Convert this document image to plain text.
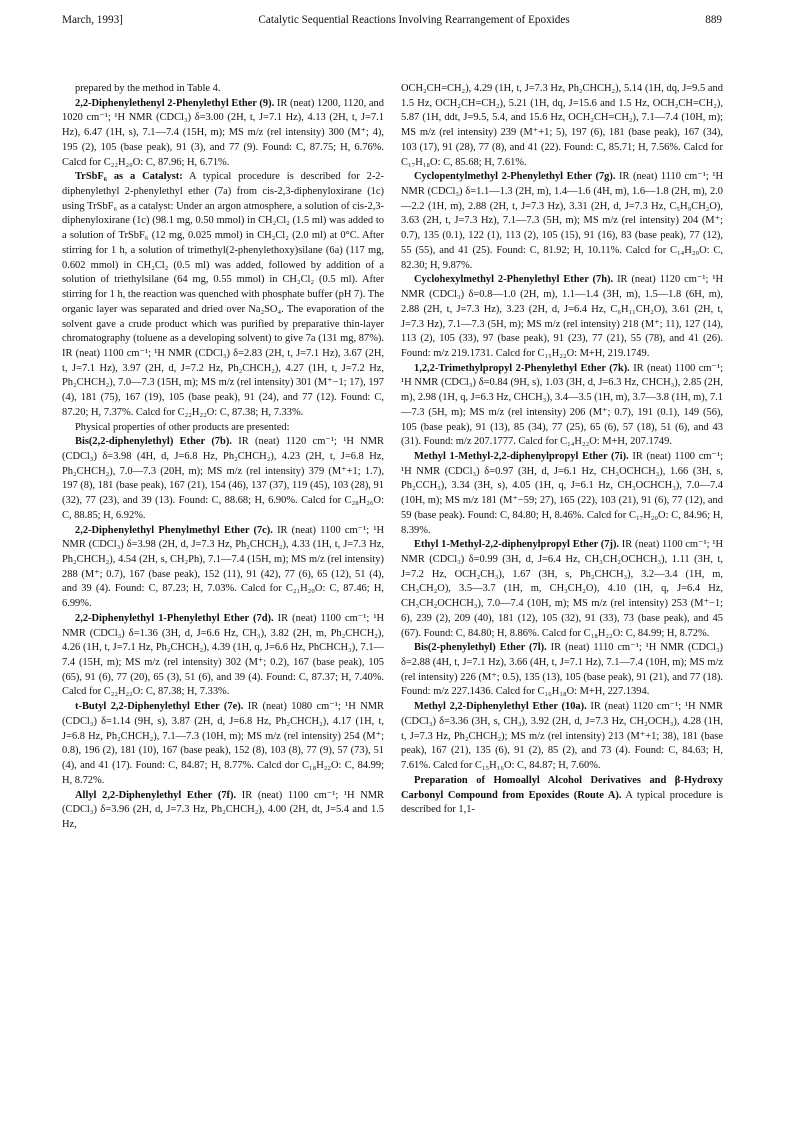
March, 1993]	Catalytic Sequential Reactions Involving Rearrangement of Epoxides	889

prepared by the method in Table 4.

2,2-Diphenylethenyl 2-Phenylethyl Ether (9). IR (neat) 1200, 1120, and 1020 cm⁻¹; ¹H NMR (CDCl₃) δ=3.00 (2H, t, J=7.1 Hz), 4.13 (2H, t, J=7.1 Hz), 6.47 (1H, s), 7.1—7.4 (15H, m); MS m/z (rel intensity) 300 (M⁺; 4), 195 (2), 105 (base peak), 91 (3), and 77 (9). Found: C, 87.75; H, 6.76%. Calcd for C₂₂H₂₀O: C, 87.96; H, 6.71%.

TrSbF₆ as a Catalyst: A typical procedure is described for 2-2-diphenylethyl 2-phenylethyl ether (7a) from cis-2,3-diphenyloxirane (1c) using TrSbF₆ as a catalyst: Under an argon atmosphere, a solution of cis-2,3-diphenyloxirane (1c) (98.1 mg, 0.50 mmol) in CH₂Cl₂ (1.5 ml) was added to a solution of TrSbF₆ (12 mg, 0.025 mmol) in CH₂Cl₂ (2.0 ml) at 0°C. After stirring for 1 h, a solution of trimethyl(2-phenylethoxy)silane (6a) (117 mg, 0.602 mmol) in CH₂Cl₂ (0.5 ml) was added, followed by addition of a solution of triethylsilane (64 mg, 0.55 mmol) in CH₂Cl₂ (0.5 ml). After stirring for 1 h, the reaction was quenched with phosphate buffer (pH 7). The organic layer was separated and dried over Na₂SO₄. The evaporation of the solvent gave a crude product which was purified by preparative thin-layer chromatography (toluene as a developing solvent) to give 7a (131 mg, 87%). IR (neat) 1100 cm⁻¹; ¹H NMR (CDCl₃) δ=2.83 (2H, t, J=7.1 Hz), 3.67 (2H, t, J=7.1 Hz), 3.97 (2H, d, J=7.2 Hz, Ph₂CHCH₂), 4.27 (1H, t, J=7.2 Hz, Ph₂CHCH₂), 7.0—7.3 (15H, m); MS m/z (rel intensity) 301 (M⁺−1; 17), 197 (4), 181 (75), 167 (19), 105 (base peak), 91 (24), and 77 (12). Found: C, 87.20; H, 7.37%. Calcd for C₂₂H₂₂O: C, 87.38; H, 7.33%.

Physical properties of other products are presented:

Bis(2,2-diphenylethyl) Ether (7b). IR (neat) 1120 cm⁻¹; ¹H NMR (CDCl₃) δ=3.98 (4H, d, J=6.8 Hz, Ph₂CHCH₂), 4.23 (2H, t, J=6.8 Hz, Ph₂CHCH₂), 7.0—7.3 (20H, m); MS m/z (rel intensity) 379 (M⁺+1; 1.7), 197 (8), 181 (base peak), 167 (21), 154 (46), 137 (37), 119 (45), 103 (28), 91 (32), 77 (23), and 39 (13). Found: C, 88.68; H, 6.90%. Calcd for C₂₈H₂₆O: C, 88.85; H, 6.92%.

2,2-Diphenylethyl Phenylmethyl Ether (7c). IR (neat) 1100 cm⁻¹; ¹H NMR (CDCl₃) δ=3.98 (2H, d, J=7.3 Hz, Ph₂CHCH₂), 4.33 (1H, t, J=7.3 Hz, Ph₂CHCH₂), 4.54 (2H, s, CH₂Ph), 7.1—7.4 (15H, m); MS m/z (rel intensity) 288 (M⁺; 0.7), 167 (base peak), 152 (11), 91 (42), 77 (6), 65 (12), 51 (4), and 39 (4). Found: C, 87.23; H, 7.03%. Calcd for C₂₁H₂₀O: C, 87.46; H, 6.99%.

2,2-Diphenylethyl 1-Phenylethyl Ether (7d). IR (neat) 1100 cm⁻¹; ¹H NMR (CDCl₃) δ=1.36 (3H, d, J=6.6 Hz, CH₃), 3.82 (2H, m, Ph₂CHCH₂), 4.26 (1H, t, J=7.1 Hz, Ph₂CHCH₂), 4.39 (1H, q, J=6.6 Hz, PhCHCH₃), 7.1—7.4 (15H, m); MS m/z (rel intensity) 302 (M⁺; 0.2), 167 (base peak), 105 (65), 91 (6), 77 (20), 65 (3), 51 (6), and 39 (4). Found: C, 87.37; H, 7.40%. Calcd for C₂₂H₂₂O: C, 87.38; H, 7.33%.

t-Butyl 2,2-Diphenylethyl Ether (7e). IR (neat) 1080 cm⁻¹; ¹H NMR (CDCl₃) δ=1.14 (9H, s), 3.87 (2H, d, J=6.8 Hz, Ph₂CHCH₂), 4.17 (1H, t, J=6.8 Hz, Ph₂CHCH₂), 7.1—7.3 (10H, m); MS m/z (rel intensity) 254 (M⁺; 0.8), 196 (2), 181 (10), 167 (base peak), 152 (8), 103 (8), 77 (9), 57 (73), 51 (4), and 41 (17). Found: C, 84.87; H, 8.77%. Calcd dor C₁₈H₂₂O: C, 84.99; H, 8.72%.

Allyl 2,2-Diphenylethyl Ether (7f). IR (neat) 1100 cm⁻¹; ¹H NMR (CDCl₃) δ=3.96 (2H, d, J=7.3 Hz, Ph₂CHCH₂), 4.00 (2H, dt, J=5.4 and 1.5 Hz,

OCH₂CH=CH₂), 4.29 (1H, t, J=7.3 Hz, Ph₂CHCH₂), 5.14 (1H, dq, J=9.5 and 1.5 Hz, OCH₂CH=CH₂), 5.21 (1H, dq, J=15.6 and 1.5 Hz, OCH₂CH=CH₂), 5.87 (1H, ddt, J=9.5, 5.4, and 15.6 Hz, OCH₂CH=CH₂), 7.1—7.4 (10H, m); MS m/z (rel intensity) 239 (M⁺+1; 5), 197 (6), 181 (base peak), 167 (34), 103 (17), 91 (28), 77 (8), and 41 (22). Found: C, 85.71; H, 7.56%. Calcd for C₁₇H₁₈O: C, 85.68; H, 7.61%.

Cyclopentylmethyl 2-Phenylethyl Ether (7g). IR (neat) 1110 cm⁻¹; ¹H NMR (CDCl₃) δ=1.1—1.3 (2H, m), 1.4—1.6 (4H, m), 1.6—1.8 (2H, m), 2.0—2.2 (1H, m), 2.88 (2H, t, J=7.3 Hz), 3.31 (2H, d, J=7.3 Hz, C₅H₉CH₂O), 3.63 (2H, t, J=7.3 Hz), 7.1—7.3 (5H, m); MS m/z (rel intensity) 204 (M⁺; 0.7), 135 (0.1), 122 (1), 113 (2), 105 (15), 91 (16), 83 (base peak), 77 (12), 55 (55), and 41 (25). Found: C, 81.92; H, 10.11%. Calcd for C₁₄H₂₀O: C, 82.30; H, 9.87%.

Cyclohexylmethyl 2-Phenylethyl Ether (7h). IR (neat) 1120 cm⁻¹; ¹H NMR (CDCl₃) δ=0.8—1.0 (2H, m), 1.1—1.4 (3H, m), 1.5—1.8 (6H, m), 2.88 (2H, t, J=7.3 Hz), 3.23 (2H, d, J=6.4 Hz, C₆H₁₁CH₂O), 3.61 (2H, t, J=7.3 Hz), 7.1—7.3 (5H, m); MS m/z (rel intensity) 218 (M⁺; 11), 127 (14), 113 (2), 105 (33), 97 (base peak), 91 (23), 77 (21), 55 (78), and 41 (26). Found: m/z 219.1731. Calcd for C₁₅H₂₂O: M+H, 219.1749.

1,2,2-Trimethylpropyl 2-Phenylethyl Ether (7k). IR (neat) 1100 cm⁻¹; ¹H NMR (CDCl₃) δ=0.84 (9H, s), 1.03 (3H, d, J=6.3 Hz, CHCH₃), 2.85 (2H, m), 2.98 (1H, q, J=6.3 Hz, CHCH₃), 3.4—3.5 (1H, m), 3.7—3.8 (1H, m), 7.1—7.3 (5H, m); MS m/z (rel intensity) 206 (M⁺; 0.7), 191 (0.1), 149 (56), 105 (base peak), 91 (13), 85 (34), 77 (25), 65 (6), 57 (18), 51 (6), and 43 (31). Found: m/z 207.1777. Calcd for C₁₄H₂₂O: M+H, 207.1749.

Methyl 1-Methyl-2,2-diphenylpropyl Ether (7i). IR (neat) 1100 cm⁻¹; ¹H NMR (CDCl₃) δ=0.97 (3H, d, J=6.1 Hz, CH₃OCHCH₃), 1.66 (3H, s, Ph₂CCH₃), 3.34 (3H, s), 4.05 (1H, q, J=6.1 Hz, CH₃OCHCH₃), 7.0—7.4 (10H, m); MS m/z 181 (M⁺−59; 27), 165 (22), 103 (21), 91 (6), 77 (12), and 59 (base peak). Found: C, 84.80; H, 8.46%. Calcd for C₁₇H₂₀O: C, 84.96; H, 8.39%.

Ethyl 1-Methyl-2,2-diphenylpropyl Ether (7j). IR (neat) 1100 cm⁻¹; ¹H NMR (CDCl₃) δ=0.99 (3H, d, J=6.4 Hz, CH₃CH₂OCHCH₃), 1.11 (3H, t, J=7.2 Hz, OCH₂CH₃), 1.67 (3H, s, Ph₂CHCH₃), 3.2—3.4 (1H, m, CH₃CH₂O), 3.5—3.7 (1H, m, CH₃CH₂O), 4.10 (1H, q, J=6.4 Hz, CH₃CH₂OCHCH₃), 7.0—7.4 (10H, m); MS m/z (rel intensity) 253 (M⁺−1; 6), 239 (2), 209 (40), 181 (12), 105 (32), 91 (33), 73 (base peak), and 45 (67). Found: C, 84.80; H, 8.86%. Calcd for C₁₈H₂₂O: C, 84.99; H, 8.72%.

Bis(2-phenylethyl) Ether (7l). IR (neat) 1110 cm⁻¹; ¹H NMR (CDCl₃) δ=2.88 (4H, t, J=7.1 Hz), 3.66 (4H, t, J=7.1 Hz), 7.1—7.4 (10H, m); MS m/z (rel intensity) 226 (M⁺; 0.5), 135 (13), 105 (base peak), 91 (21), and 77 (18). Found: m/z 227.1436. Calcd for C₁₆H₁₈O: M+H, 227.1394.

Methyl 2,2-Diphenylethyl Ether (10a). IR (neat) 1120 cm⁻¹; ¹H NMR (CDCl₃) δ=3.36 (3H, s, CH₃), 3.92 (2H, d, J=7.3 Hz, CH₂OCH₃), 4.28 (1H, t, J=7.3 Hz, Ph₂CHCH₂); MS m/z (rel intensity) 213 (M⁺+1; 38), 181 (base peak), 167 (21), 135 (6), 91 (2), 85 (2), and 73 (4). Found: C, 84.63; H, 7.61%. Calcd for C₁₅H₁₆O: C, 84.87; H, 7.60%.

Preparation of Homoallyl Alcohol Derivatives and β-Hydroxy Carbonyl Compound from Epoxides (Route A). A typical procedure is described for 1,1-
